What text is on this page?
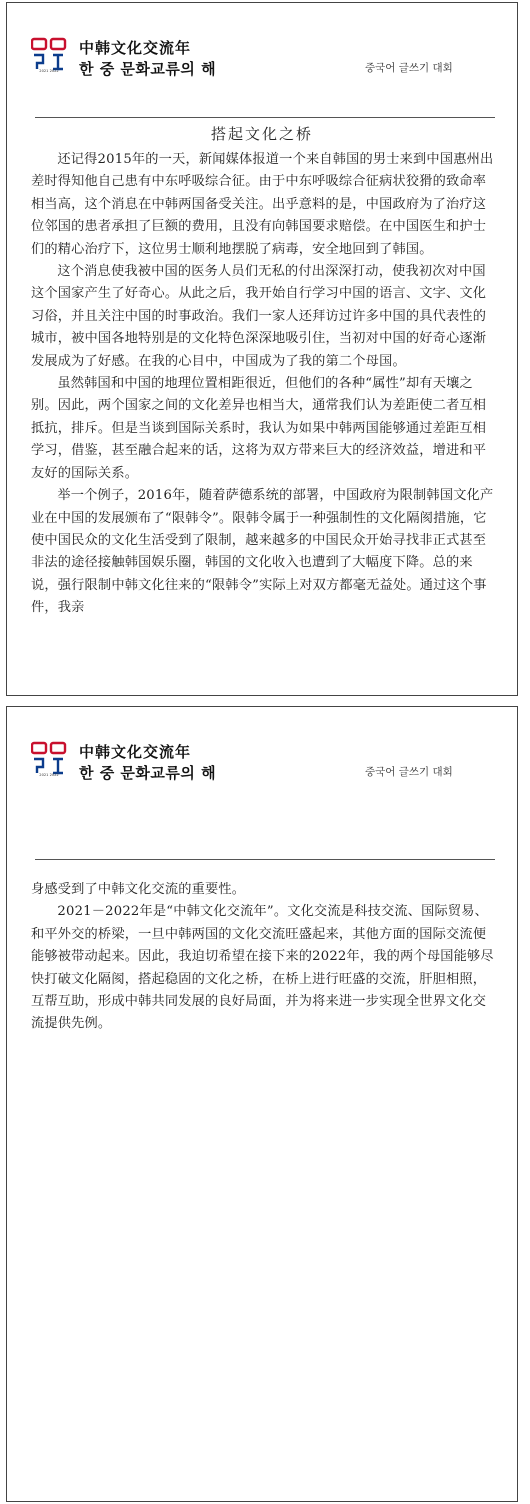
2021 2022
中韩文化交流年
한 중 문화교류의 해	중국어 글쓰기 대회
搭起文化之桥

还记得2015年的一天，新闻媒体报道一个来自韩国的男士来到中国惠州出差时得知他自己患有中东呼吸综合征。由于中东呼吸综合征病状狡猾的致命率相当高，这个消息在中韩两国备受关注。出乎意料的是，中国政府为了治疗这位邻国的患者承担了巨额的费用，且没有向韩国要求赔偿。在中国医生和护士们的精心治疗下，这位男士顺利地摆脱了病毒，安全地回到了韩国。

这个消息使我被中国的医务人员们无私的付出深深打动，使我初次对中国这个国家产生了好奇心。从此之后，我开始自行学习中国的语言、文字、文化习俗，并且关注中国的时事政治。我们一家人还拜访过许多中国的具代表性的城市，被中国各地特别是的文化特色深深地吸引住，当初对中国的好奇心逐渐发展成为了好感。在我的心目中，中国成为了我的第二个母国。

虽然韩国和中国的地理位置相距很近，但他们的各种“属性”却有天壤之别。因此，两个国家之间的文化差异也相当大，通常我们认为差距使二者互相抵抗，排斥。但是当谈到国际关系时，我认为如果中韩两国能够通过差距互相学习，借鉴，甚至融合起来的话，这将为双方带来巨大的经济效益，增进和平友好的国际关系。

举一个例子，2016年，随着萨德系统的部署，中国政府为限制韩国文化产业在中国的发展颁布了“限韩令”。限韩令属于一种强制性的文化隔阂措施，它使中国民众的文化生活受到了限制，越来越多的中国民众开始寻找非正式甚至非法的途径接触韩国娱乐圈，韩国的文化收入也遭到了大幅度下降。总的来说，强行限制中韩文化往来的“限韩令”实际上对双方都毫无益处。通过这个事件，我亲

2021 2022
中韩文化交流年
한 중 문화교류의 해	중국어 글쓰기 대회

身感受到了中韩文化交流的重要性。

2021－2022年是“中韩文化交流年”。文化交流是科技交流、国际贸易、和平外交的桥梁，一旦中韩两国的文化交流旺盛起来，其他方面的国际交流便能够被带动起来。因此，我迫切希望在接下来的2022年，我的两个母国能够尽快打破文化隔阂，搭起稳固的文化之桥，在桥上进行旺盛的交流，肝胆相照，互帮互助，形成中韩共同发展的良好局面，并为将来进一步实现全世界文化交流提供先例。
